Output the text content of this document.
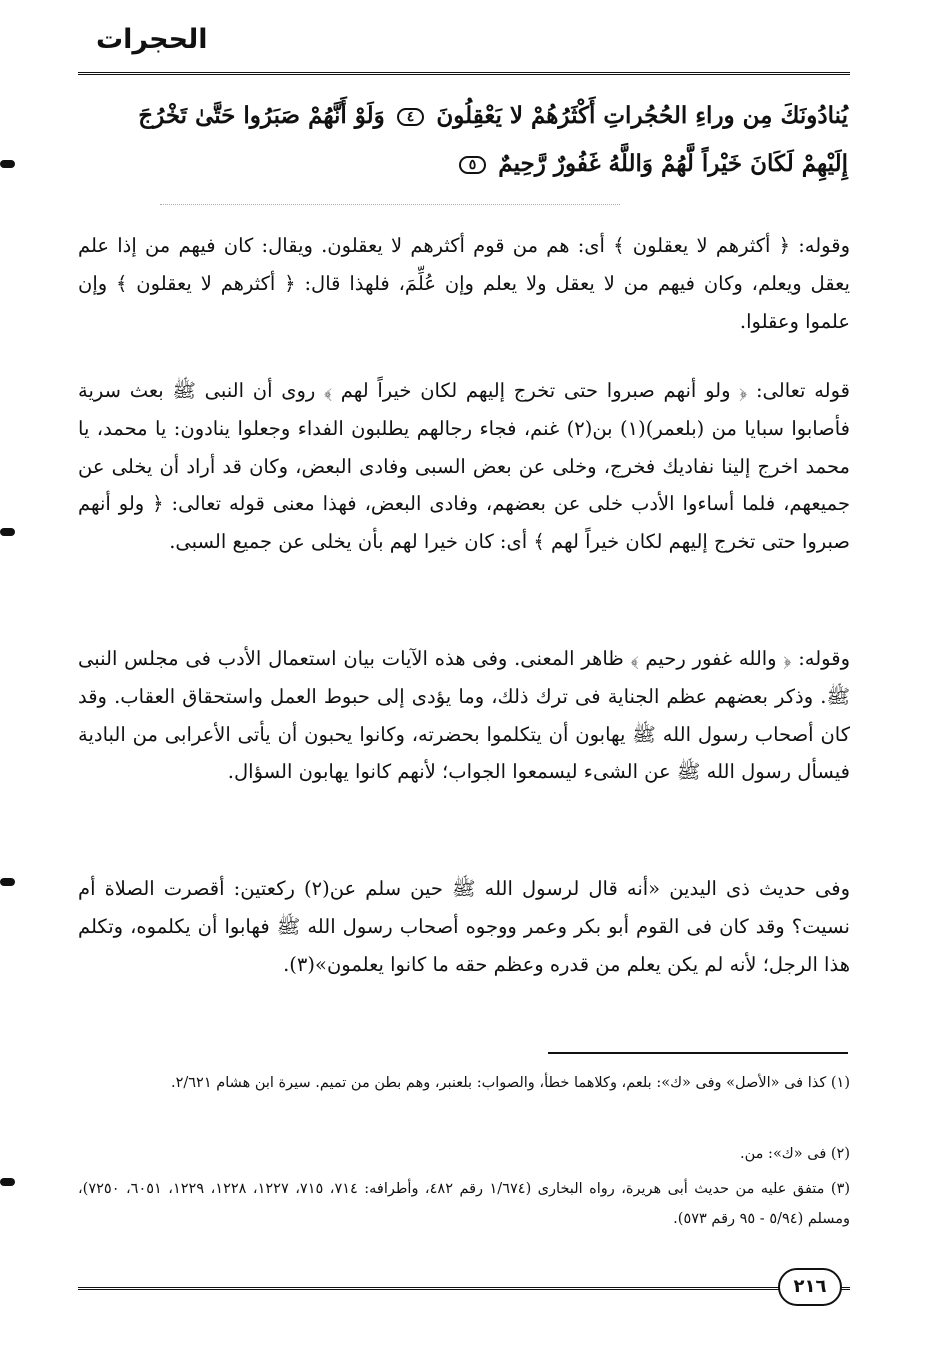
الحجرات
يُنادُونَكَ مِن وراءِ الحُجُراتِ أَكْثَرُهُمْ لا يَعْقِلُونَ ٤ وَلَوْ أَنَّهُمْ صَبَرُوا حَتَّىٰ تَخْرُجَ
إِلَيْهِمْ لَكَانَ خَيْراً لَّهُمْ وَاللَّهُ غَفُورٌ رَّحِيمٌ ٥
وقوله: ﴿ أكثرهم لا يعقلون ﴾ أى: هم من قوم أكثرهم لا يعقلون. ويقال: كان فيهم من إذا علم يعقل ويعلم، وكان فيهم من لا يعقل ولا يعلم وإن عُلِّمَ، فلهذا قال: ﴿ أكثرهم لا يعقلون ﴾ وإن علموا وعقلوا.
قوله تعالى: ﴿ ولو أنهم صبروا حتى تخرج إليهم لكان خيراً لهم ﴾ روى أن النبى ﷺ بعث سرية فأصابوا سبايا من (بلعمر)(١) بن(٢) غنم، فجاء رجالهم يطلبون الفداء وجعلوا ينادون: يا محمد، يا محمد اخرج إلينا نفاديك فخرج، وخلى عن بعض السبى وفادى البعض، وكان قد أراد أن يخلى عن جميعهم، فلما أساءوا الأدب خلى عن بعضهم، وفادى البعض، فهذا معنى قوله تعالى: ﴿ ولو أنهم صبروا حتى تخرج إليهم لكان خيراً لهم ﴾ أى: كان خيرا لهم بأن يخلى عن جميع السبى.
وقوله: ﴿ والله غفور رحيم ﴾ ظاهر المعنى. وفى هذه الآيات بيان استعمال الأدب فى مجلس النبى ﷺ. وذكر بعضهم عظم الجناية فى ترك ذلك، وما يؤدى إلى حبوط العمل واستحقاق العقاب. وقد كان أصحاب رسول الله ﷺ يهابون أن يتكلموا بحضرته، وكانوا يحبون أن يأتى الأعرابى من البادية فيسأل رسول الله ﷺ عن الشىء ليسمعوا الجواب؛ لأنهم كانوا يهابون السؤال.
وفى حديث ذى اليدين «أنه قال لرسول الله ﷺ حين سلم عن(٢) ركعتين: أقصرت الصلاة أم نسيت؟ وقد كان فى القوم أبو بكر وعمر ووجوه أصحاب رسول الله ﷺ فهابوا أن يكلموه، وتكلم هذا الرجل؛ لأنه لم يكن يعلم من قدره وعظم حقه ما كانوا يعلمون»(٣).
(١) كذا فى «الأصل» وفى «ك»: بلعم، وكلاهما خطأ، والصواب: بلعنبر، وهم بطن من تميم. سيرة ابن هشام ٢/٦٢١.
(٢) فى «ك»: من.
(٣) متفق عليه من حديث أبى هريرة، رواه البخارى (١/٦٧٤ رقم ٤٨٢، وأطرافه: ٧١٤، ٧١٥، ١٢٢٧، ١٢٢٨، ١٢٢٩، ٦٠٥١، ٧٢٥٠)، ومسلم (٥/٩٤ - ٩٥ رقم ٥٧٣).
٢١٦
